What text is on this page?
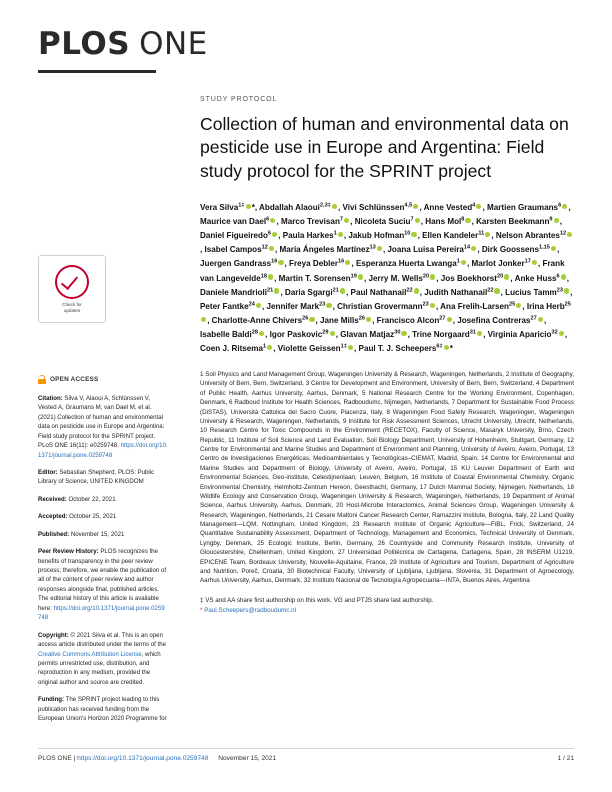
PLOS ONE
Check for
updates
OPEN ACCESS
Citation: Silva V, Alaoui A, Schlünssen V, Vested A, Graumans M, van Dael M, et al. (2021) Collection of human and environmental data on pesticide use in Europe and Argentina: Field study protocol for the SPRINT project. PLoS ONE 16(11): e0259748. https://doi.org/10.1371/journal.pone.0259748
Editor: Sebastian Shepherd, PLOS: Public Library of Science, UNITED KINGDOM
Received: October 22, 2021
Accepted: October 25, 2021
Published: November 15, 2021
Peer Review History: PLOS recognizes the benefits of transparency in the peer review process; therefore, we enable the publication of all of the content of peer review and author responses alongside final, published articles. The editorial history of this article is available here: https://doi.org/10.1371/journal.pone.0259748
Copyright: © 2021 Silva et al. This is an open access article distributed under the terms of the Creative Commons Attribution License, which permits unrestricted use, distribution, and reproduction in any medium, provided the original author and source are credited.
Funding: The SPRINT project leading to this publication has received funding from the European Union's Horizon 2020 Programme for
STUDY PROTOCOL
Collection of human and environmental data on pesticide use in Europe and Argentina: Field study protocol for the SPRINT project
Vera Silva$^{1\ddagger}$ *, Abdallah Alaoui$^{2,3\ddagger}$ , Vivi Schlünssen$^{4,5}$ , Anne Vested$^4$ , Martien Graumans$^6$ , Maurice van Dael$^6$ , Marco Trevisan$^7$ , Nicoleta Suciu$^7$ , Hans Mol$^8$ , Karsten Beekmann$^9$ , Daniel Figueiredo$^6$ , Paula Harkes$^1$ , Jakub Hofman$^{10}$ , Ellen Kandeler$^{11}$ , Nelson Abrantes$^{12}$, Isabel Campos$^{12}$ , María Ángeles Martínez$^{13}$ , Joana Luisa Pereira$^{14}$ , Dirk Goossens$^{1,15}$ , Juergen Gandrass$^{16}$ , Freya Debler$^{16}$ , Esperanza Huerta Lwanga$^1$ , Marlot Jonker$^{17}$ , Frank van Langevelde$^{18}$ , Martin T. Sorensen$^{19}$ , Jerry M. Wells$^{20}$ , Jos Boekhorst$^{20}$ , Anke Huss$^6$ , Daniele Mandrioli$^{21}$ , Daria Sgargi$^{21}$ , Paul Nathanail$^{22}$ , Judith Nathanail$^{22}$ , Lucius Tamm$^{23}$ , Peter Fantke$^{24}$ , Jennifer Mark$^{23}$ , Christian Grovermann$^{23}$ , Ana Frelih-Larsen$^{25}$ , Irina Herb$^{25}$, Charlotte-Anne Chivers$^{26}$ , Jane Mills$^{26}$ , Francisco Alcon$^{27}$ , Josefina Contreras$^{27}$ , Isabelle Baldi$^{28}$ , Igor Paskovic$^{29}$ , Glavan Matjaz$^{30}$ , Trine Norgaard$^{31}$ , Virginia Aparicio$^{32}$ , Coen J. Ritsema$^1$ , Violette Geissen$^{1\ddagger}$ , Paul T. J. Scheepers$^{6\ddagger}$ *
1 Soil Physics and Land Management Group, Wageningen University & Research, Wageningen, Netherlands, 2 Institute of Geography, University of Bern, Bern, Switzerland, 3 Centre for Development and Environment, University of Bern, Bern, Switzerland, 4 Department of Public Health, Aarhus University, Aarhus, Denmark, 5 National Research Centre for the Working Environment, Copenhagen, Denmark, 6 Radboud Institute for Health Sciences, Radboudumc, Nijmegen, Netherlands, 7 Department for Sustainable Food Process (DiSTAS), Università Cattolica del Sacro Cuore, Piacenza, Italy, 8 Wageningen Food Safety Research, Wageningen, Wageningen University & Research, Wageningen, Netherlands, 9 Institute for Risk Assessment Sciences, Utrecht University, Utrecht, Netherlands, 10 Research Centre for Toxic Compounds in the Environment (RECETOX), Faculty of Science, Masaryk University, Brno, Czech Republic, 11 Institute of Soil Science and Land Evaluation, Soil Biology Department, University of Hohenheim, Stuttgart, Germany, 12 Centre for Environmental and Marine Studies and Department of Environment and Planning, University of Aveiro, Aveiro, Portugal, 13 Centro de Investigaciones Energéticas, Medioambientales y Tecnológicas–CIEMAT, Madrid, Spain, 14 Centre for Environmental and Marine Studies and Department of Biology, University of Aveiro, Aveiro, Portugal, 15 KU Leuven Department of Earth and Environmental Sciences, Geo-institute, Celestijnenlaan, Leuven, Belgium, 16 Institute of Coastal Environmental Chemistry, Organic Environmental Chemistry, Helmholtz-Zentrum Hereon, Geesthacht, Germany, 17 Dutch Mammal Society, Nijmegen, Netherlands, 18 Wildlife Ecology and Conservation Group, Wageningen University & Research, Wageningen, Netherlands, 19 Department of Animal Science, Aarhus University, Aarhus, Denmark, 20 Host-Microbe Interactomics, Animal Sciences Group, Wageningen University & Research, Wageningen, Netherlands, 21 Cesare Maltoni Cancer Research Center, Ramazzini Institute, Bologna, Italy, 22 Land Quality Management—LQM, Nottingham, United Kingdom, 23 Research Institute of Organic Agriculture—FiBL, Frick, Switzerland, 24 Quantitative Sustainability Assessment, Department of Technology, Management and Economics, Technical University of Denmark, Lyngby, Denmark, 25 Ecologic Institute, Berlin, Germany, 26 Countryside and Community Research Institute, University of Gloucestershire, Cheltenham, United Kingdom, 27 Universidad Politécnica de Cartagena, Cartagena, Spain, 28 INSERM U1219, EPICENE Team, Bordeaux University, Nouvelle-Aquitaine, France, 29 Institute of Agriculture and Tourism, Department of Agriculture and Nutrition, Poreč, Croatia, 30 Biotechnical Faculty, University of Ljubljana, Ljubljana, Slovenia, 31 Department of Agroecology, Aarhus University, Aarhus, Denmark, 32 Instituto Nacional de Tecnología Agropecuaria—INTA, Buenos Aires, Argentina
‡ VS and AA share first authorship on this work. VG and PTJS share last authorship.
* Paul.Scheepers@radboudumc.nl
PLOS ONE | https://doi.org/10.1371/journal.pone.0259748 November 15, 2021	1 / 21
